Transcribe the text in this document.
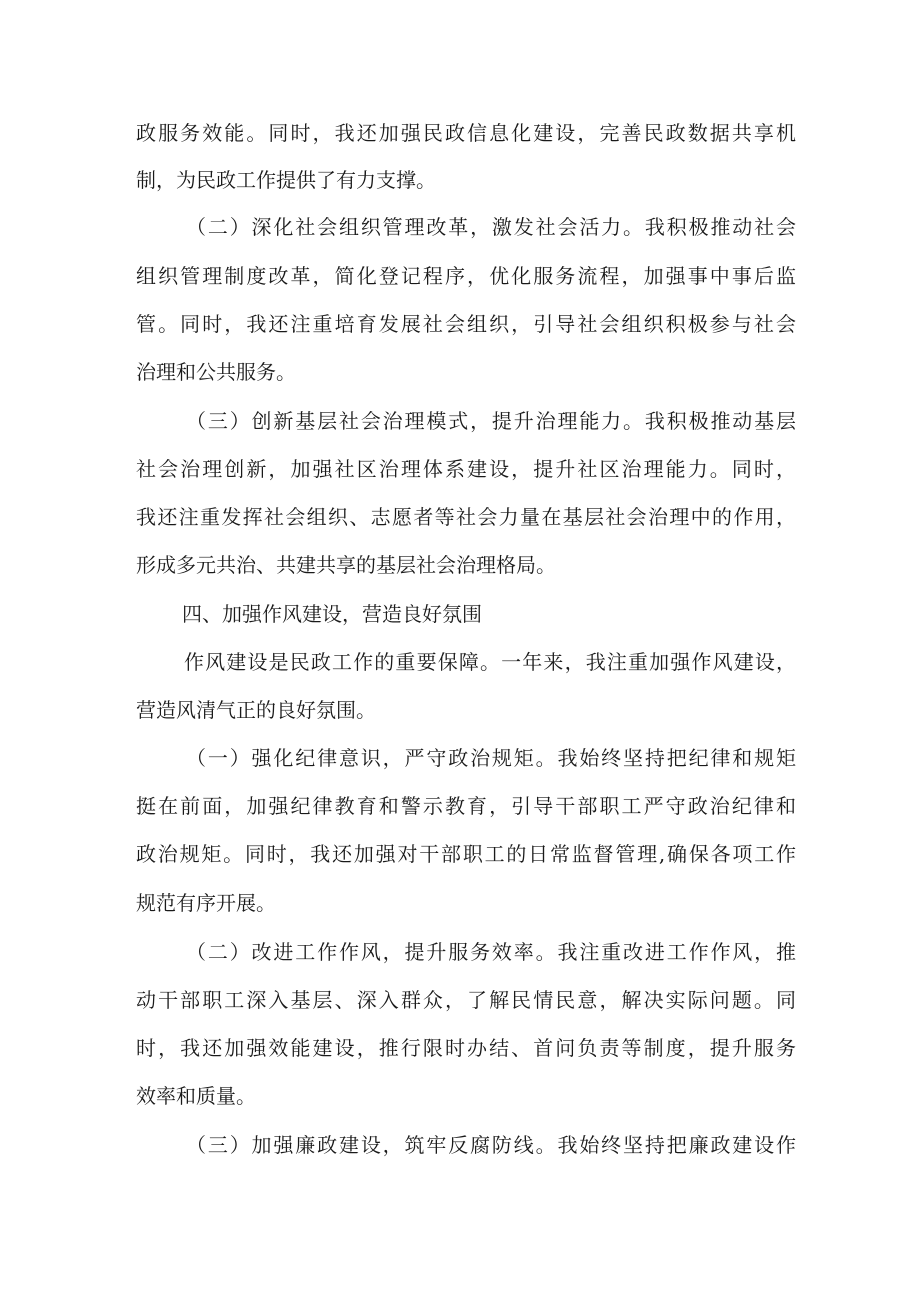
政服务效能。同时，我还加强民政信息化建设，完善民政数据共享机
制，为民政工作提供了有力支撑。
（二）深化社会组织管理改革，激发社会活力。我积极推动社会
组织管理制度改革，简化登记程序，优化服务流程，加强事中事后监
管。同时，我还注重培育发展社会组织，引导社会组织积极参与社会
治理和公共服务。
（三）创新基层社会治理模式，提升治理能力。我积极推动基层
社会治理创新，加强社区治理体系建设，提升社区治理能力。同时，
我还注重发挥社会组织、志愿者等社会力量在基层社会治理中的作用，
形成多元共治、共建共享的基层社会治理格局。
四、加强作风建设，营造良好氛围
作风建设是民政工作的重要保障。一年来，我注重加强作风建设，
营造风清气正的良好氛围。
（一）强化纪律意识，严守政治规矩。我始终坚持把纪律和规矩
挺在前面，加强纪律教育和警示教育，引导干部职工严守政治纪律和
政治规矩。同时，我还加强对干部职工的日常监督管理,确保各项工作
规范有序开展。
（二）改进工作作风，提升服务效率。我注重改进工作作风，推
动干部职工深入基层、深入群众，了解民情民意，解决实际问题。同
时，我还加强效能建设，推行限时办结、首问负责等制度，提升服务
效率和质量。
（三）加强廉政建设，筑牢反腐防线。我始终坚持把廉政建设作
